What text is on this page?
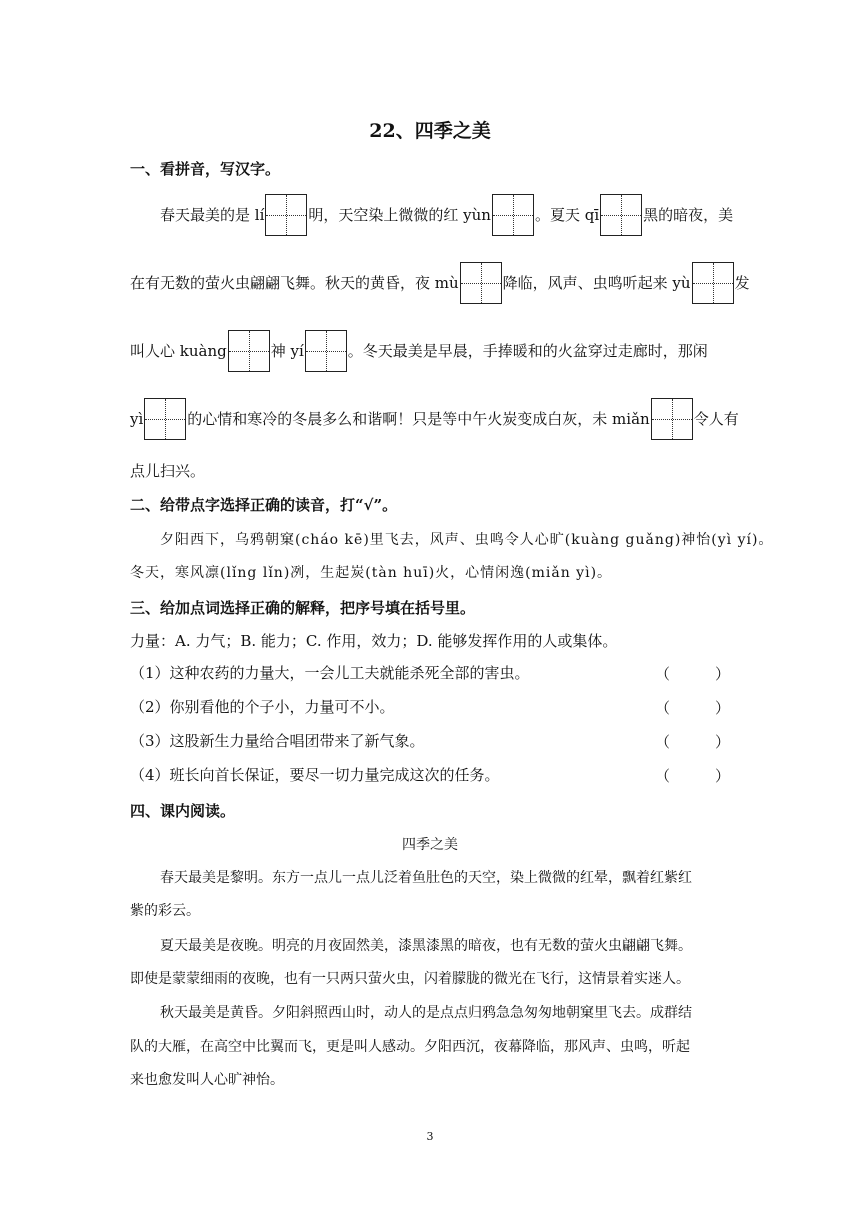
22、四季之美
一、看拼音，写汉字。
春天最美的是 lí	明，天空染上微微的红 yùn	。夏天 qī	黑的暗夜，美
在有无数的萤火虫翩翩飞舞。秋天的黄昏，夜 mù	降临，风声、虫鸣听起来 yù	发
叫人心 kuàng	神 yí	。冬天最美是早晨，手捧暖和的火盆穿过走廊时，那闲
yì	的心情和寒冷的冬晨多么和谐啊！只是等中午火炭变成白灰，未 miǎn	令人有
点儿扫兴。
二、给带点字选择正确的读音，打“√”。
夕阳西下，乌鸦朝窠(cháo kē)里飞去，风声、虫鸣令人心旷(kuàng guǎng)神怡(yì yí)。
冬天，寒风凛(lǐng lǐn)冽，生起炭(tàn huī)火，心情闲逸(miǎn yì)。
三、给加点词选择正确的解释，把序号填在括号里。
力量：A. 力气；B. 能力；C. 作用，效力；D. 能够发挥作用的人或集体。
（1）这种农药的力量大，一会儿工夫就能杀死全部的害虫。	（　　　）
（2）你别看他的个子小，力量可不小。	（　　　）
（3）这股新生力量给合唱团带来了新气象。	（　　　）
（4）班长向首长保证，要尽一切力量完成这次的任务。	（　　　）
四、课内阅读。
四季之美
春天最美是黎明。东方一点儿一点儿泛着鱼肚色的天空，染上微微的红晕，飘着红紫红
紫的彩云。
夏天最美是夜晚。明亮的月夜固然美，漆黑漆黑的暗夜，也有无数的萤火虫翩翩飞舞。
即使是蒙蒙细雨的夜晚，也有一只两只萤火虫，闪着朦胧的微光在飞行，这情景着实迷人。
秋天最美是黄昏。夕阳斜照西山时，动人的是点点归鸦急急匆匆地朝窠里飞去。成群结
队的大雁，在高空中比翼而飞，更是叫人感动。夕阳西沉，夜幕降临，那风声、虫鸣，听起
来也愈发叫人心旷神怡。
3
